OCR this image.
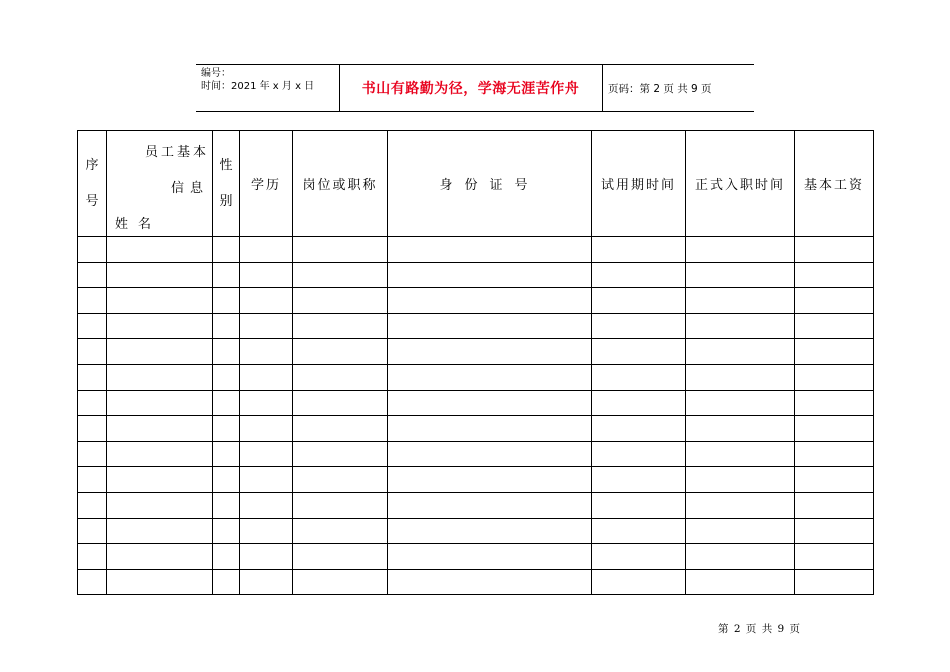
编号：
时间：2021 年 x 月 x 日	书山有路勤为径，学海无涯苦作舟	页码：第 2 页 共 9 页
序
号	员工基本
信息
姓名	性
别	学历	岗位或职称	身份证号	试用期时间	正式入职时间	基本工资

第 2 页 共 9 页
